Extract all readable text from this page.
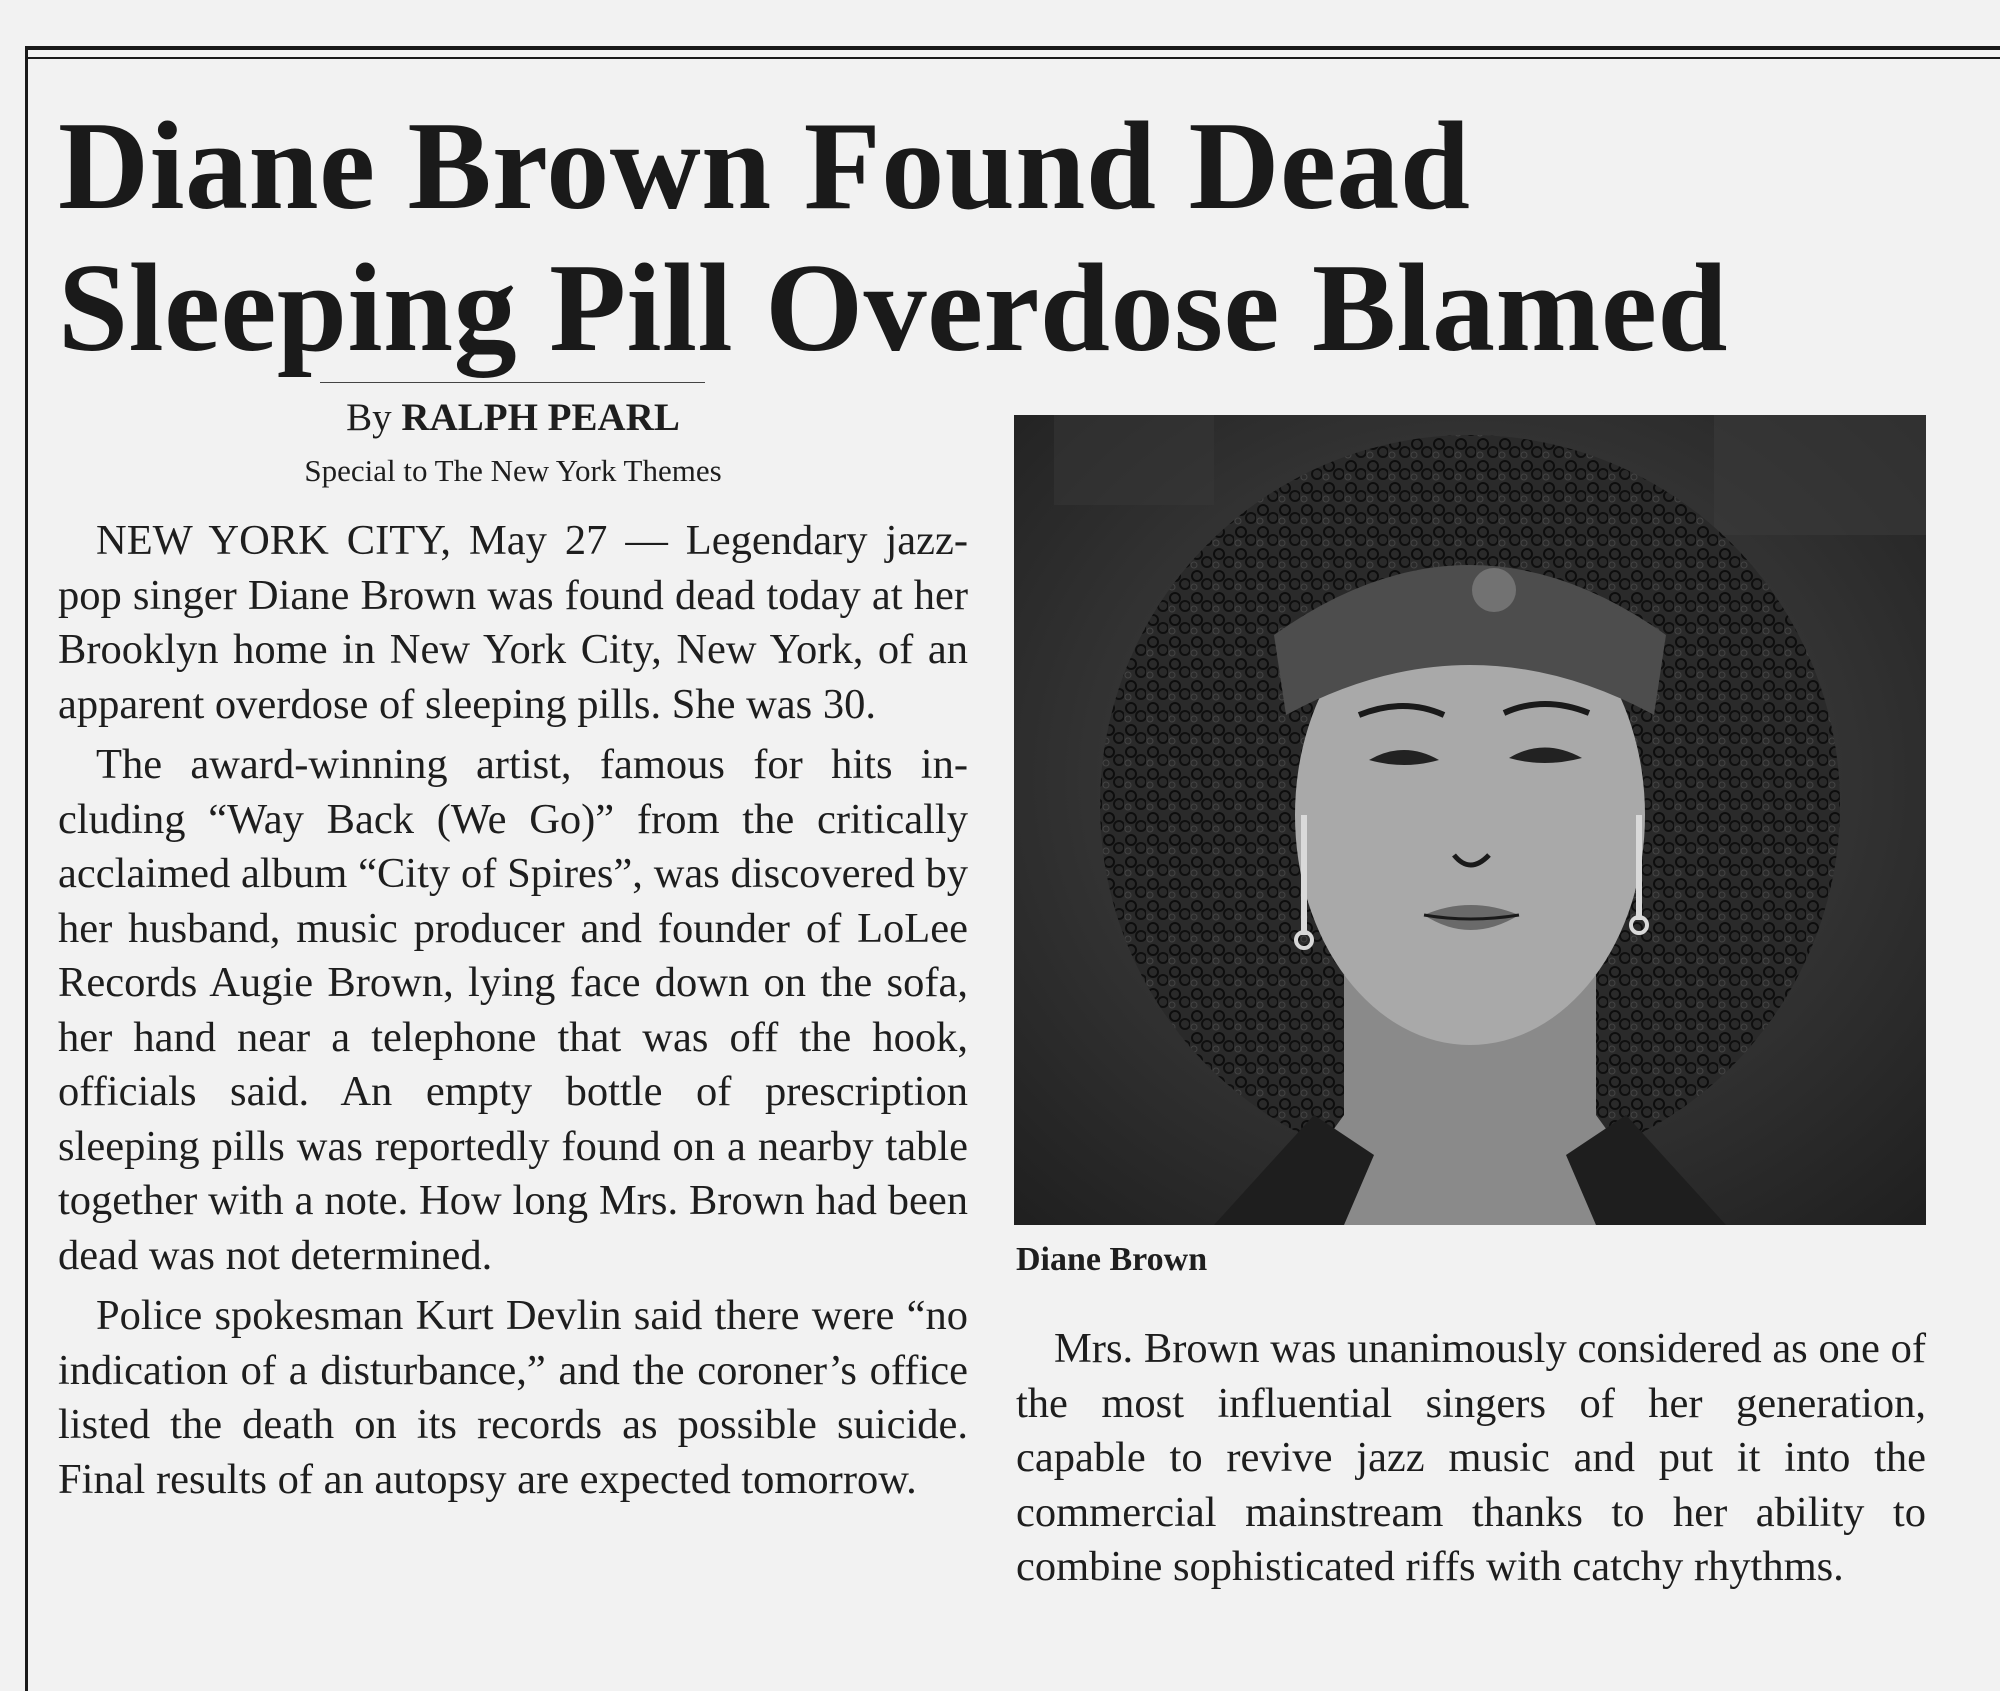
Diane Brown Found Dead
Sleeping Pill Overdose Blamed
By RALPH PEARL
Special to The New York Themes

NEW YORK CITY, May 27 — Legendary jazz-pop singer Diane Brown was found dead today at her Brooklyn home in New York City, New York, of an apparent overdose of sleeping pills. She was 30.

The award-winning artist, famous for hits including “Way Back (We Go)” from the critically acclaimed album “City of Spires”, was discovered by her husband, music producer and founder of LoLee Records Augie Brown, lying face down on the sofa, her hand near a telephone that was off the hook, officials said. An empty bottle of prescription sleeping pills was reportedly found on a nearby table together with a note. How long Mrs. Brown had been dead was not determined.

Police spokesman Kurt Devlin said there were “no indication of a disturbance,” and the coroner’s office listed the death on its records as possible suicide. Final results of an autopsy are expected tomorrow.

Diane Brown

Mrs. Brown was unanimously considered as one of the most influential singers of her generation, capable to revive jazz music and put it into the commercial mainstream thanks to her ability to combine sophisticated riffs with catchy rhythms.
